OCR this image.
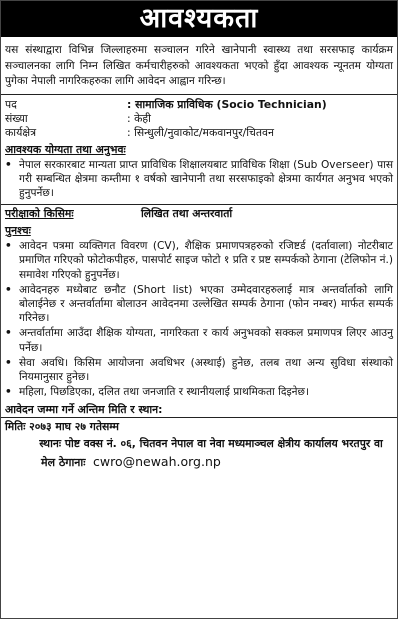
आवश्यकता
यस संस्थाद्वारा विभिन्न जिल्लाहरुमा सञ्चालन गरिने खानेपानी स्वास्थ्य तथा सरसफाइ कार्यक्रम सञ्चालनका लागि निम्न लिखित कर्मचारीहरुको आवश्यकता भएको हुँदा आवश्यक न्यूनतम योग्यता पुगेका नेपाली नागरिकहरुका लागि आवेदन आह्वान गरिन्छ।
पद	: सामाजिक प्राविधिक (Socio Technician)
संख्या	: केही
कार्यक्षेत्र	: सिन्धुली/नुवाकोट/मकवानपुर/चितवन
आवश्यक योग्यता तथा अनुभवः
• नेपाल सरकारबाट मान्यता प्राप्त प्राविधिक शिक्षालयबाट प्राविधिक शिक्षा (Sub Overseer) पास गरी सम्बन्धित क्षेत्रमा कम्तीमा १ वर्षको खानेपानी तथा सरसफाइको क्षेत्रमा कार्यगत अनुभव भएको हुनुपर्नेछ।
परीक्षाको किसिमः	लिखित तथा अन्तरवार्ता
पुनश्चः
• आवेदन पत्रमा व्यक्तिगत विवरण (CV), शैक्षिक प्रमाणपत्रहरुको रजिष्टर्ड (दर्तावाला) नोटरीबाट प्रमाणित गरिएको फोटोकपीहरु, पासपोर्ट साइज फोटो १ प्रति र प्रष्ट सम्पर्कको ठेगाना (टेलिफोन नं.) समावेश गरिएको हुनुपर्नेछ।
• आवेदनहरु मध्येबाट छनौट (Short list) भएका उम्मेदवारहरुलाई मात्र अन्तर्वार्ताको लागि बोलाईनेछ र अन्तर्वार्तामा बोलाउन आवेदनमा उल्लेखित सम्पर्क ठेगाना (फोन नम्बर) मार्फत सम्पर्क गरिनेछ।
• अन्तर्वार्तामा आउँदा शैक्षिक योग्यता, नागरिकता र कार्य अनुभवको सक्कल प्रमाणपत्र लिएर आउनु पर्नेछ।
• सेवा अवधि। किसिम आयोजना अवधिभर (अस्थाई) हुनेछ, तलब तथा अन्य सुविधा संस्थाको नियमानुसार हुनेछ।
• महिला, पिछडिएका, दलित तथा जनजाति र स्थानीयलाई प्राथमिकता दिइनेछ।
आवेदन जम्मा गर्ने अन्तिम मिति र स्थान:
मितिः २०७३ माघ २७ गतेसम्म
स्थानः पोष्ट वक्स नं. ०६, चितवन नेपाल वा नेवा मध्यमाञ्चल क्षेत्रीय कार्यालय भरतपुर वा
मेल ठेगानाः cwro@newah.org.np
